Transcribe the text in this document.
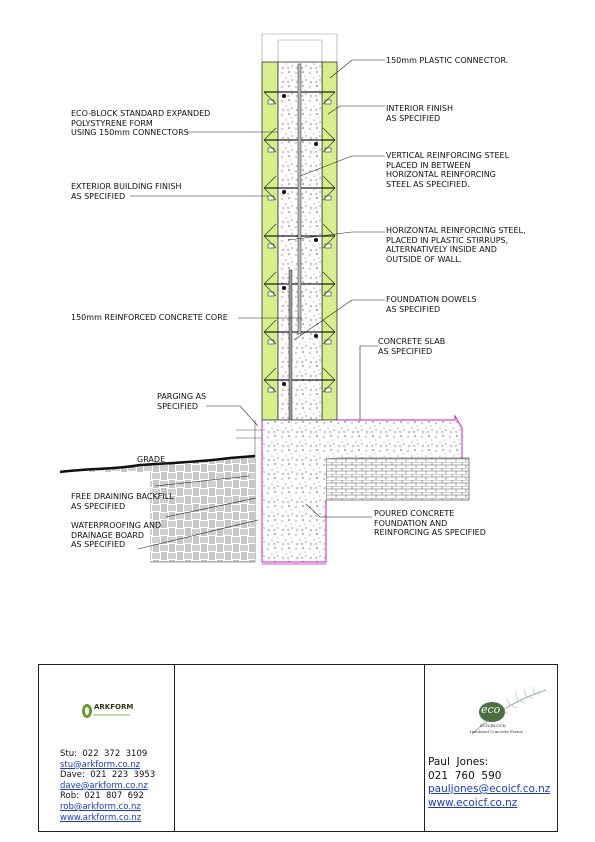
150mm PLASTIC CONNECTOR.
ECO-BLOCK STANDARD EXPANDED
POLYSTYRENE FORM
USING 150mm CONNECTORS
INTERIOR FINISH
AS SPECIFIED
VERTICAL REINFORCING STEEL
PLACED IN BETWEEN
HORIZONTAL REINFORCING
STEEL AS SPECIFIED.
EXTERIOR BUILDING FINISH
AS SPECIFIED
HORIZONTAL REINFORCING STEEL,
PLACED IN PLASTIC STIRRUPS,
ALTERNATIVELY INSIDE AND
OUTSIDE OF WALL.
FOUNDATION DOWELS
AS SPECIFIED
150mm REINFORCED CONCRETE CORE
CONCRETE SLAB
AS SPECIFIED
PARGING AS
SPECIFIED
GRADE
FREE DRAINING BACKFILL
AS SPECIFIED
WATERPROOFING AND
DRAINAGE BOARD
AS SPECIFIED
POURED CONCRETE
FOUNDATION AND
REINFORCING AS SPECIFIED
ARKFORM
Stu:  022  372  3109
stu@arkform.co.nz
Dave:  021  223  3953
dave@arkform.co.nz
Rob:  021  807  692
rob@arkform.co.nz
www.arkform.co.nz
eco
ECO-BLOCK
Insulated Concrete Forms
Paul  Jones:
021  760  590
pauljones@ecoicf.co.nz
www.ecoicf.co.nz
